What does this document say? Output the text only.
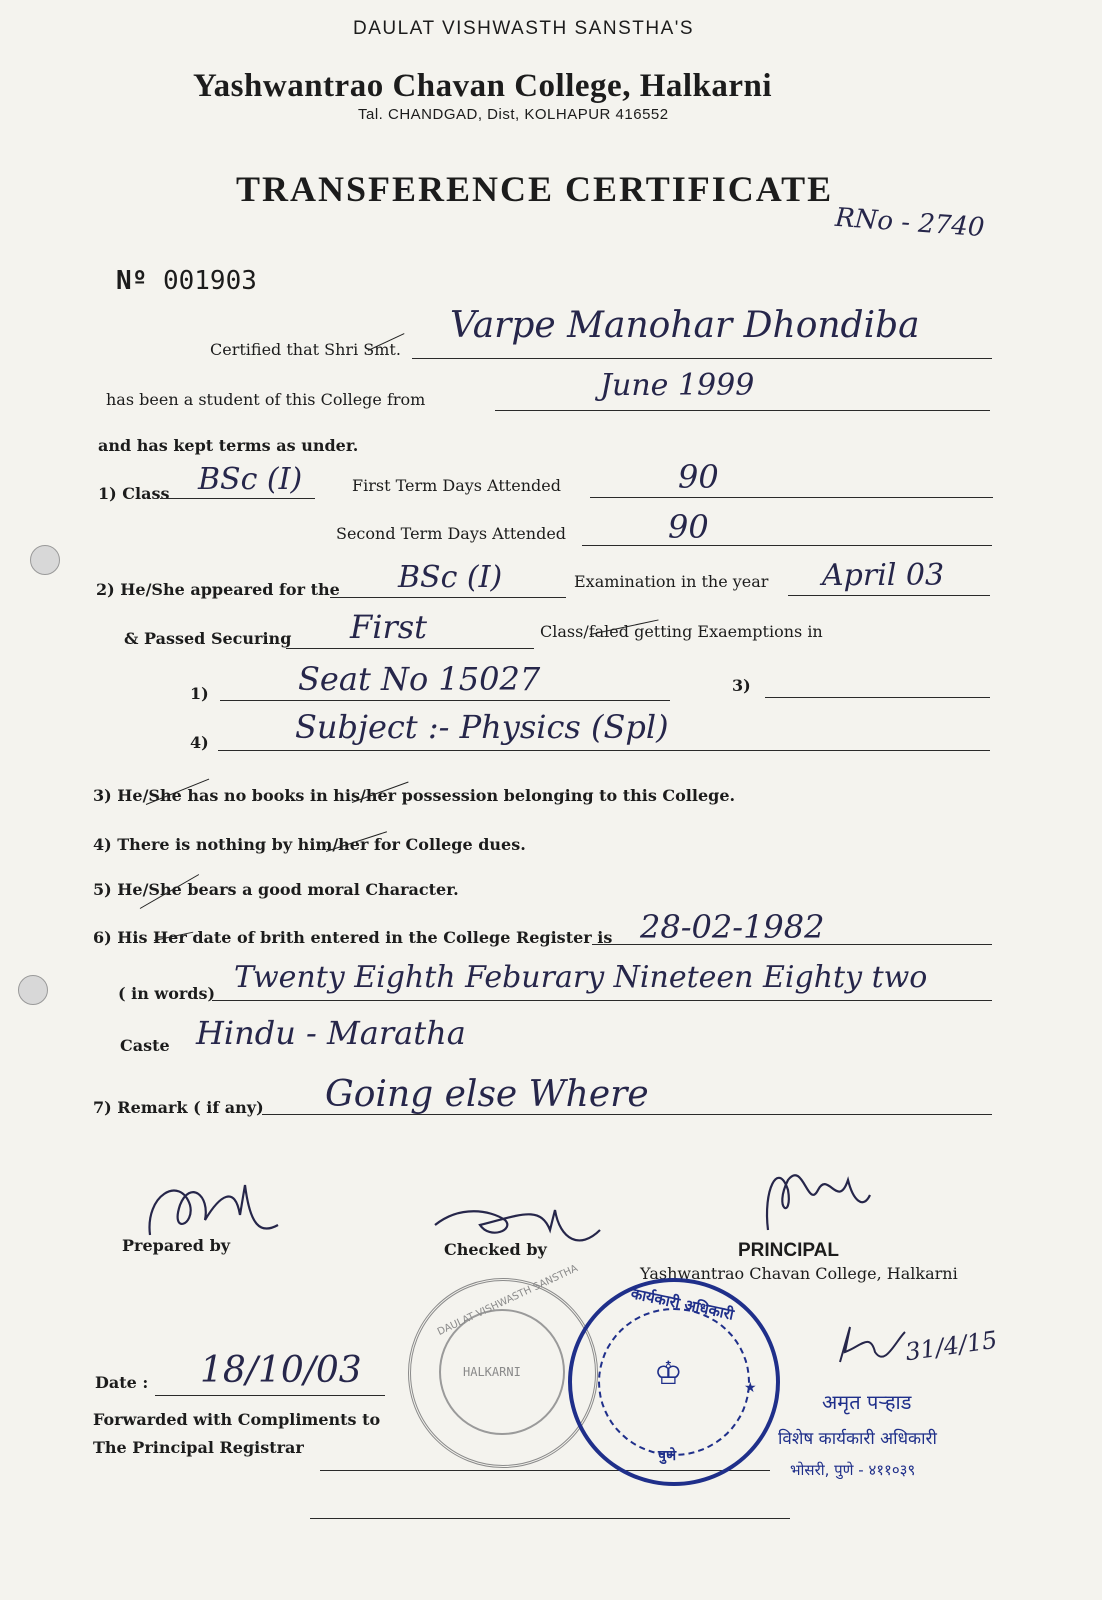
DAULAT VISHWASTH SANSTHA'S
Yashwantrao Chavan College, Halkarni
Tal. CHANDGAD, Dist, KOLHAPUR 416552
TRANSFERENCE CERTIFICATE
RNo - 2740
Nº 001903
Certified that Shri Smt.
Varpe Manohar Dhondiba
has been a student of this College from	June 1999
and has kept terms as under.
1) Class BSc (I)	First Term Days Attended	90
Second Term Days Attended	90
2) He/She appeared for the BSc (I)	Examination in the year April 03
& Passed Securing First	Class/faled getting Exaemptions in
1)	Seat No 15027	3)
4)	Subject :- Physics (Spl)
3) He/She has no books in his/her possession belonging to this College.
4) There is nothing by him/her for College dues.
5) He/She bears a good moral Character.
6) His Her date of brith entered in the College Register is 28-02-1982
( in words) Twenty Eighth Feburary Nineteen Eighty two
Caste Hindu - Maratha
7) Remark ( if any) Going else Where
Prepared by	Checked by	PRINCIPAL
Yashwantrao Chavan College, Halkarni
Date : 18/10/03
Forwarded with Compliments to
The Principal Registrar
DAULAT VISHWASTH SANSTHA
HALKARNI
कार्यकारी अधिकारी
♔
पुणे
★
31/4/15
अमृत पऱ्हाड
विशेष कार्यकारी अधिकारी
भोसरी, पुणे - ४११०३९
